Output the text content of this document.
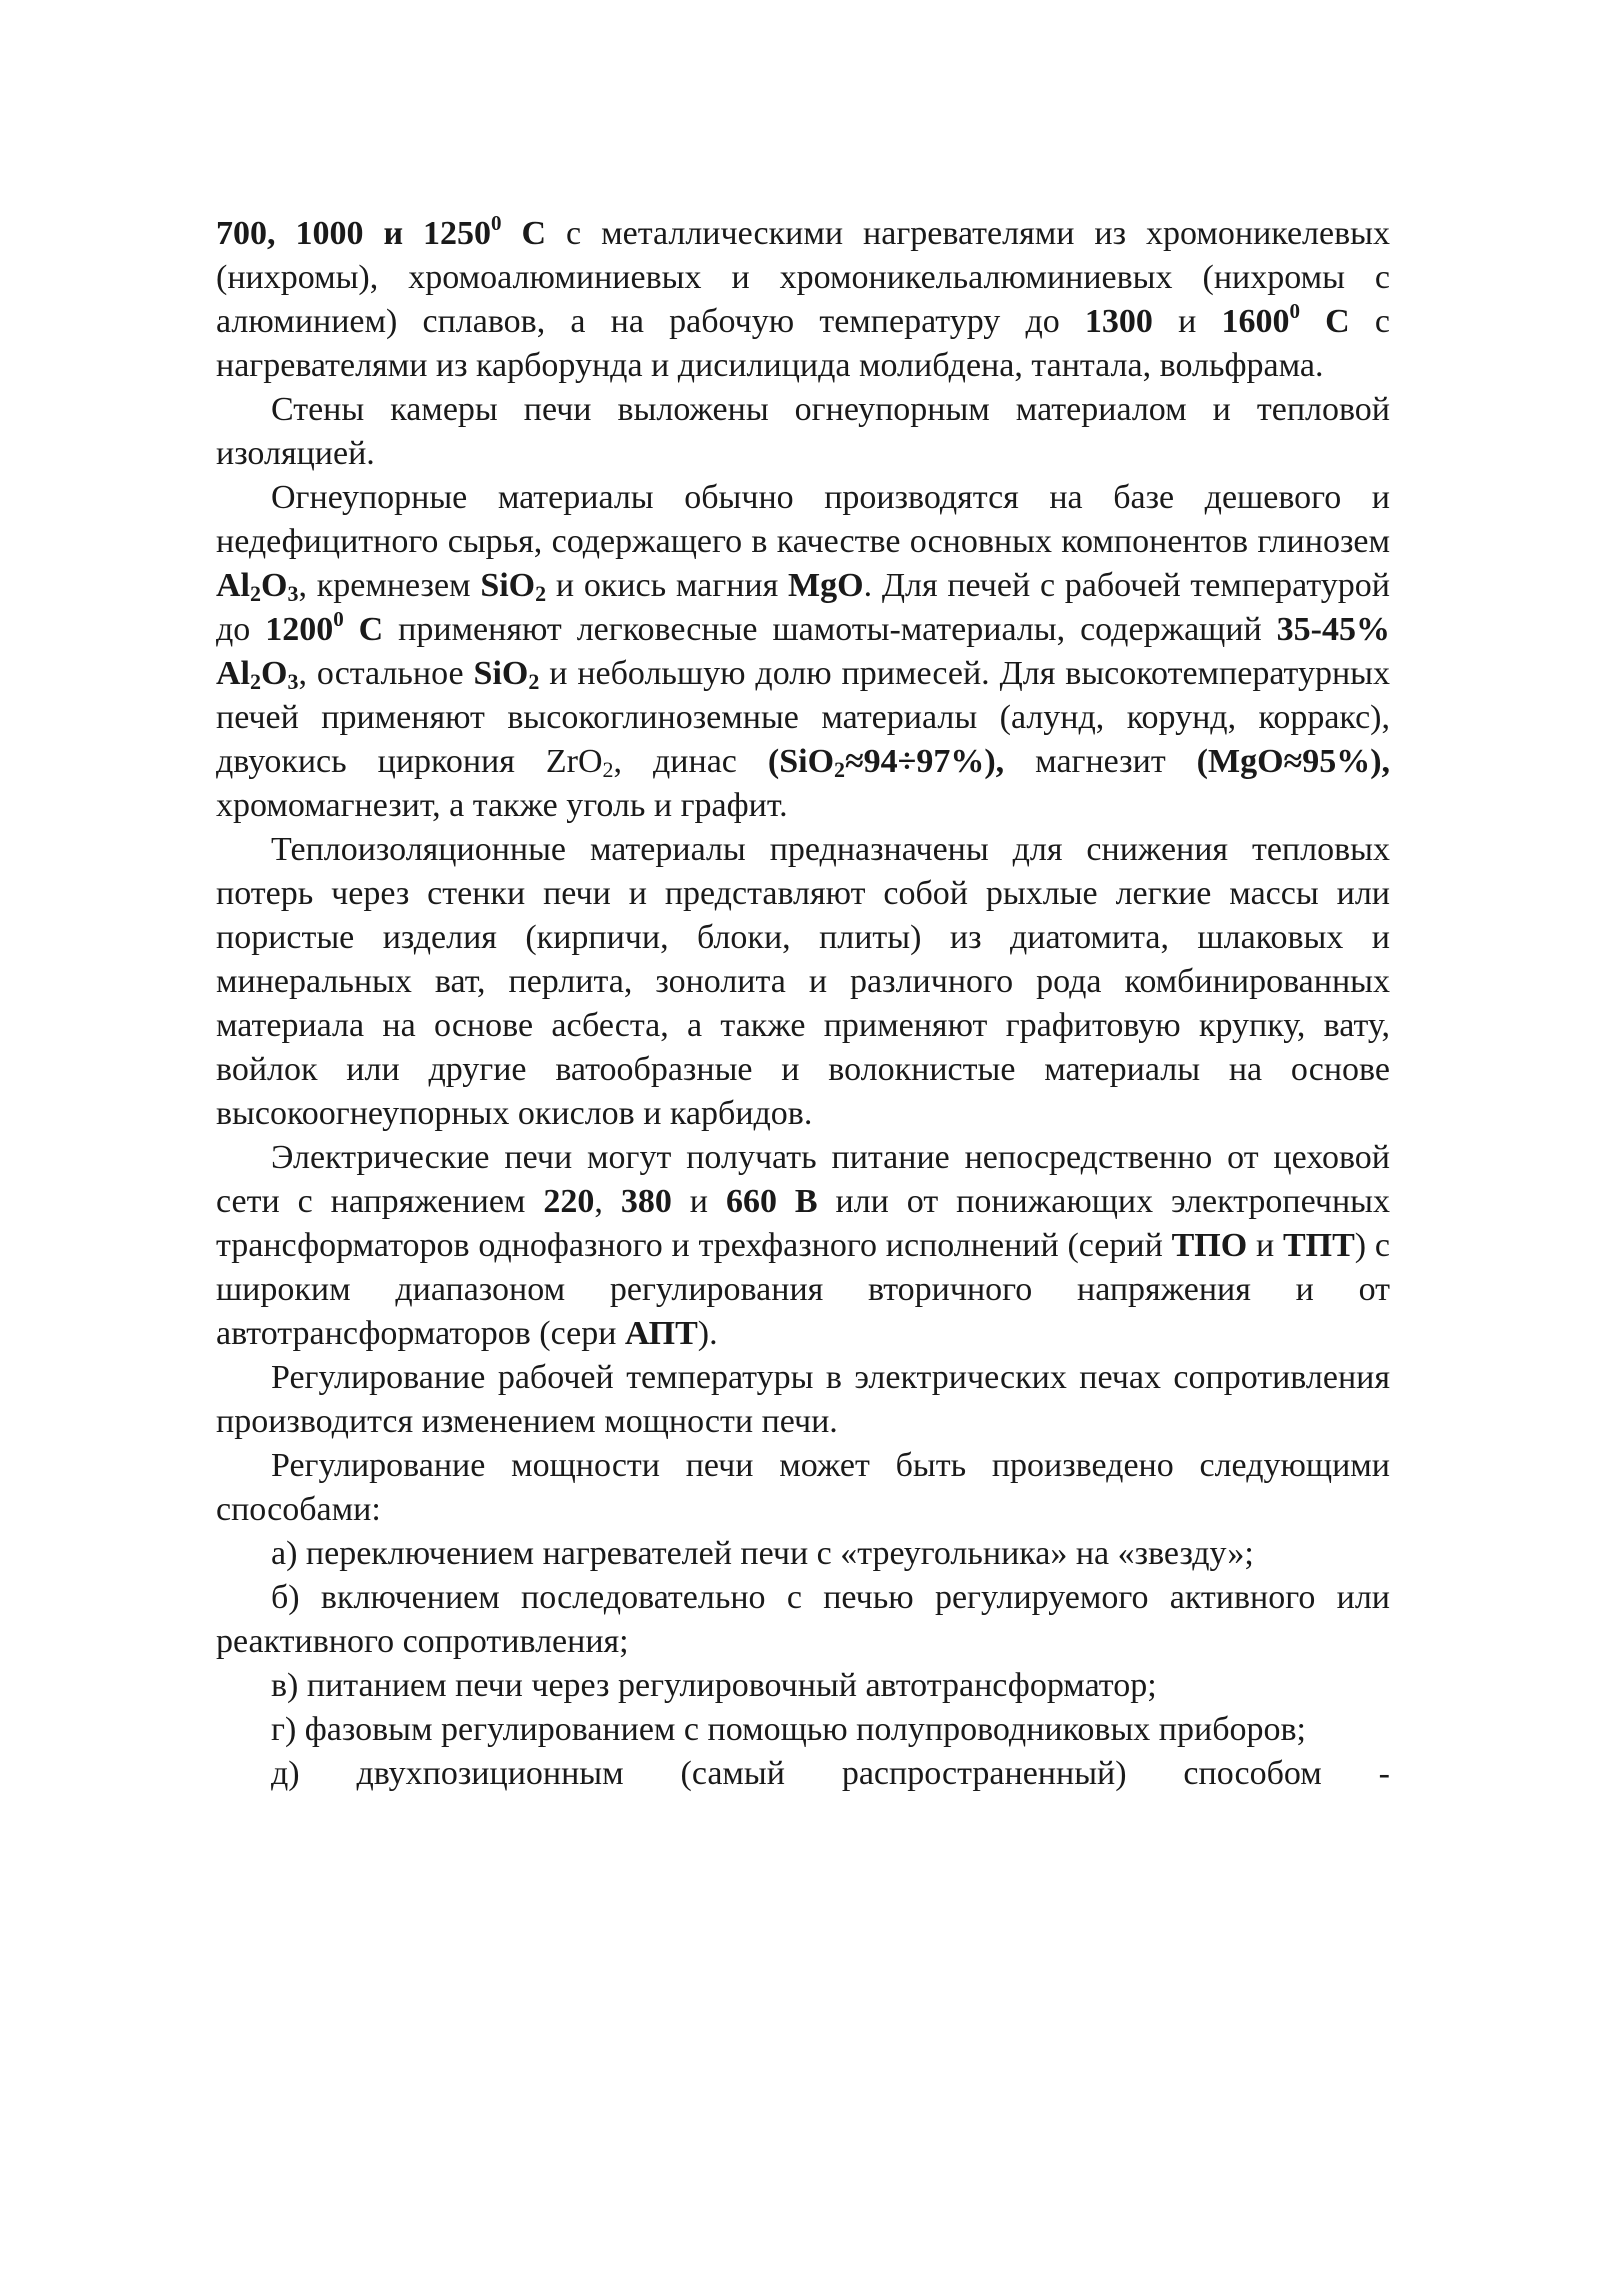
700, 1000 и 1250$^0$ С с металлическими нагревателями из хромоникелевых (нихромы), хромоалюминиевых и хромоникельалюминиевых (нихромы с алюминием) сплавов, а на рабочую температуру до 1300 и 1600$^0$ С с нагревателями из карборунда и дисилицида молибдена, тантала, вольфрама.

Стены камеры печи выложены огнеупорным материалом и тепловой изоляцией.

Огнеупорные материалы обычно производятся на базе дешевого и недефицитного сырья, содержащего в качестве основных компонентов глинозем $Al_2O_3$, кремнезем SiO$_2$ и окись магния MgO. Для печей с рабочей температурой до 1200$^0$ С применяют легковесные шамоты-материалы, содержащий 35-45% $Al_2O_3$, остальное SiO$_2$ и небольшую долю примесей. Для высокотемпературных печей применяют высокоглиноземные материалы (алунд, корунд, корракс), двуокись циркония ZrO$_2$, динас (SiO$_2$≈94÷97%), магнезит (MgO≈95%), хромомагнезит, а также уголь и графит.

Теплоизоляционные материалы предназначены для снижения тепловых потерь через стенки печи и представляют собой рыхлые легкие массы или пористые изделия (кирпичи, блоки, плиты) из диатомита, шлаковых и минеральных ват, перлита, зонолита и различного рода комбинированных материала на основе асбеста, а также применяют графитовую крупку, вату, войлок или другие ватообразные и волокнистые материалы на основе высокоогнеупорных окислов и карбидов.

Электрические печи могут получать питание непосредственно от цеховой сети с напряжением 220, 380 и 660 В или от понижающих электропечных трансформаторов однофазного и трехфазного исполнений (серий ТПО и ТПТ) с широким диапазоном регулирования вторичного напряжения и от автотрансформаторов (сери АПТ).

Регулирование рабочей температуры в электрических печах сопротивления производится изменением мощности печи.

Регулирование мощности печи может быть произведено следующими способами:

а) переключением нагревателей печи с «треугольника» на «звезду»;

б) включением последовательно с печью регулируемого активного или реактивного сопротивления;

в) питанием печи через регулировочный автотрансформатор;

г) фазовым регулированием с помощью полупроводниковых приборов;

д) двухпозиционным (самый распространенный) способом -
